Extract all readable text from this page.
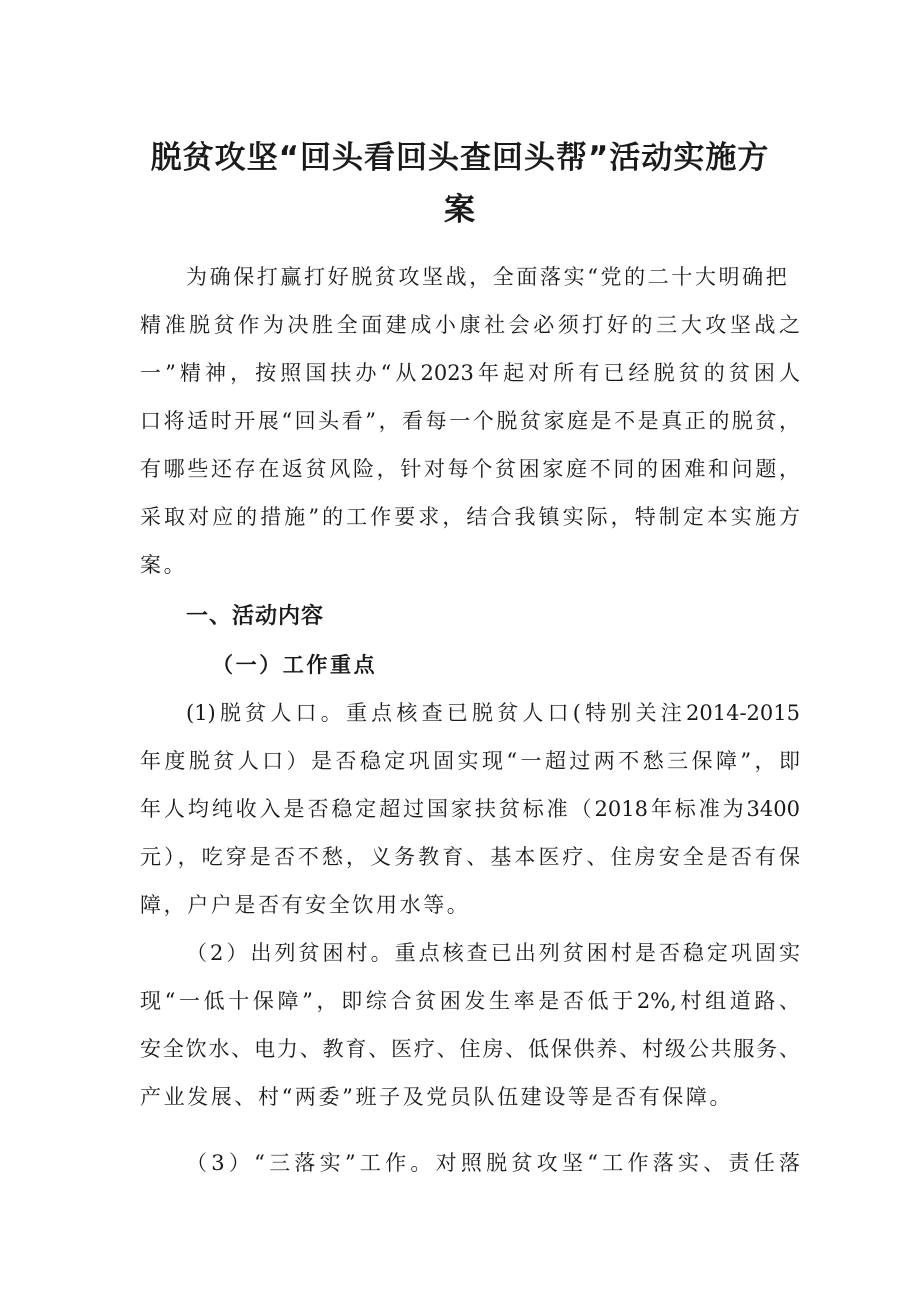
脱贫攻坚“回头看回头查回头帮”活动实施方
案

为确保打赢打好脱贫攻坚战，全面落实“党的二十大明确把

精准脱贫作为决胜全面建成小康社会必须打好的三大攻坚战之

一”精神，按照国扶办“从2023年起对所有已经脱贫的贫困人

口将适时开展“回头看”，看每一个脱贫家庭是不是真正的脱贫，

有哪些还存在返贫风险，针对每个贫困家庭不同的困难和问题，

采取对应的措施”的工作要求，结合我镇实际，特制定本实施方

案。

一、活动内容
（一）工作重点

(1)脱贫人口。重点核查已脱贫人口(特别关注2014-2015

年度脱贫人口）是否稳定巩固实现“一超过两不愁三保障”，即

年人均纯收入是否稳定超过国家扶贫标准（2018年标准为3400

元），吃穿是否不愁，义务教育、基本医疗、住房安全是否有保

障，户户是否有安全饮用水等。

（2）出列贫困村。重点核查已出列贫困村是否稳定巩固实

现“一低十保障”，即综合贫困发生率是否低于2%,村组道路、

安全饮水、电力、教育、医疗、住房、低保供养、村级公共服务、

产业发展、村“两委”班子及党员队伍建设等是否有保障。

（3）“三落实”工作。对照脱贫攻坚“工作落实、责任落
